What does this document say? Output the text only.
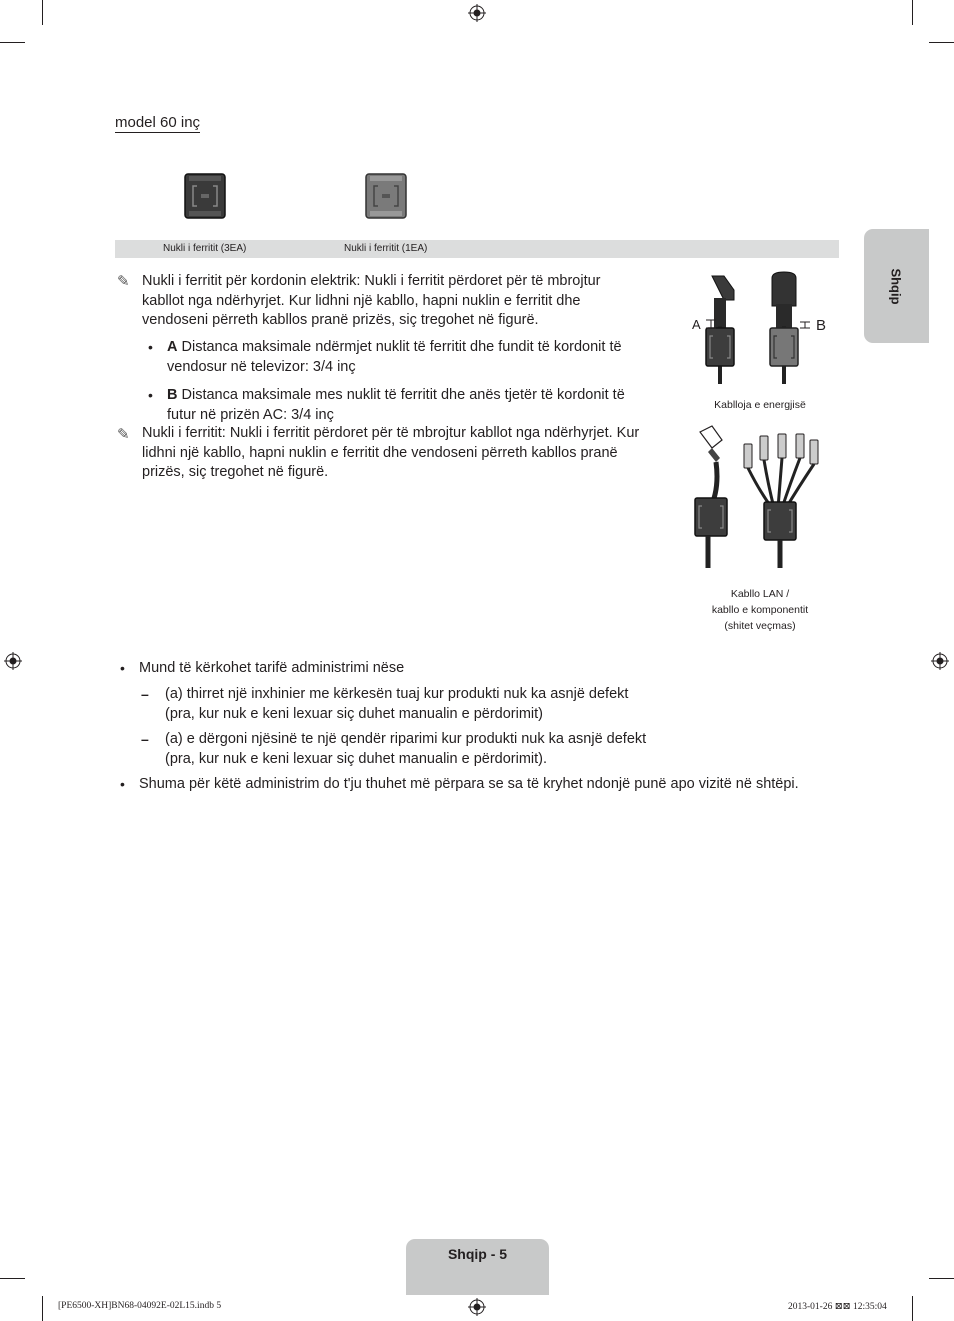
Shqip
model 60 inç
Nukli i ferritit (3EA)	Nukli i ferritit (1EA)
✎ Nukli i ferritit për kordonin elektrik: Nukli i ferritit përdoret për të mbrojtur
kabllot nga ndërhyrjet. Kur lidhni një kabllo, hapni nuklin e ferritit dhe
vendoseni përreth kabllos pranë prizës, siç tregohet në figurë.
• A Distanca maksimale ndërmjet nuklit të ferritit dhe fundit të kordonit të
vendosur në televizor: 3/4 inç
• B Distanca maksimale mes nuklit të ferritit dhe anës tjetër të kordonit të
futur në prizën AC: 3/4 inç
✎ Nukli i ferritit: Nukli i ferritit përdoret për të mbrojtur kabllot nga ndërhyrjet. Kur
lidhni një kabllo, hapni nuklin e ferritit dhe vendoseni përreth kabllos pranë
prizës, siç tregohet në figurë.
A	B
Kablloja e energjisë
Kabllo LAN /
kabllo e komponentit
(shitet veçmas)
• Mund të kërkohet tarifë administrimi nëse
– (a) thirret një inxhinier me kërkesën tuaj kur produkti nuk ka asnjë defekt
(pra, kur nuk e keni lexuar siç duhet manualin e përdorimit)
– (a) e dërgoni njësinë te një qendër riparimi kur produkti nuk ka asnjë defekt
(pra, kur nuk e keni lexuar siç duhet manualin e përdorimit).
• Shuma për këtë administrim do t'ju thuhet më përpara se sa të kryhet ndonjë punë apo vizitë në shtëpi.
Shqip - 5
[PE6500-XH]BN68-04092E-02L15.indb 5	2013-01-26 ⊠⊠ 12:35:04
